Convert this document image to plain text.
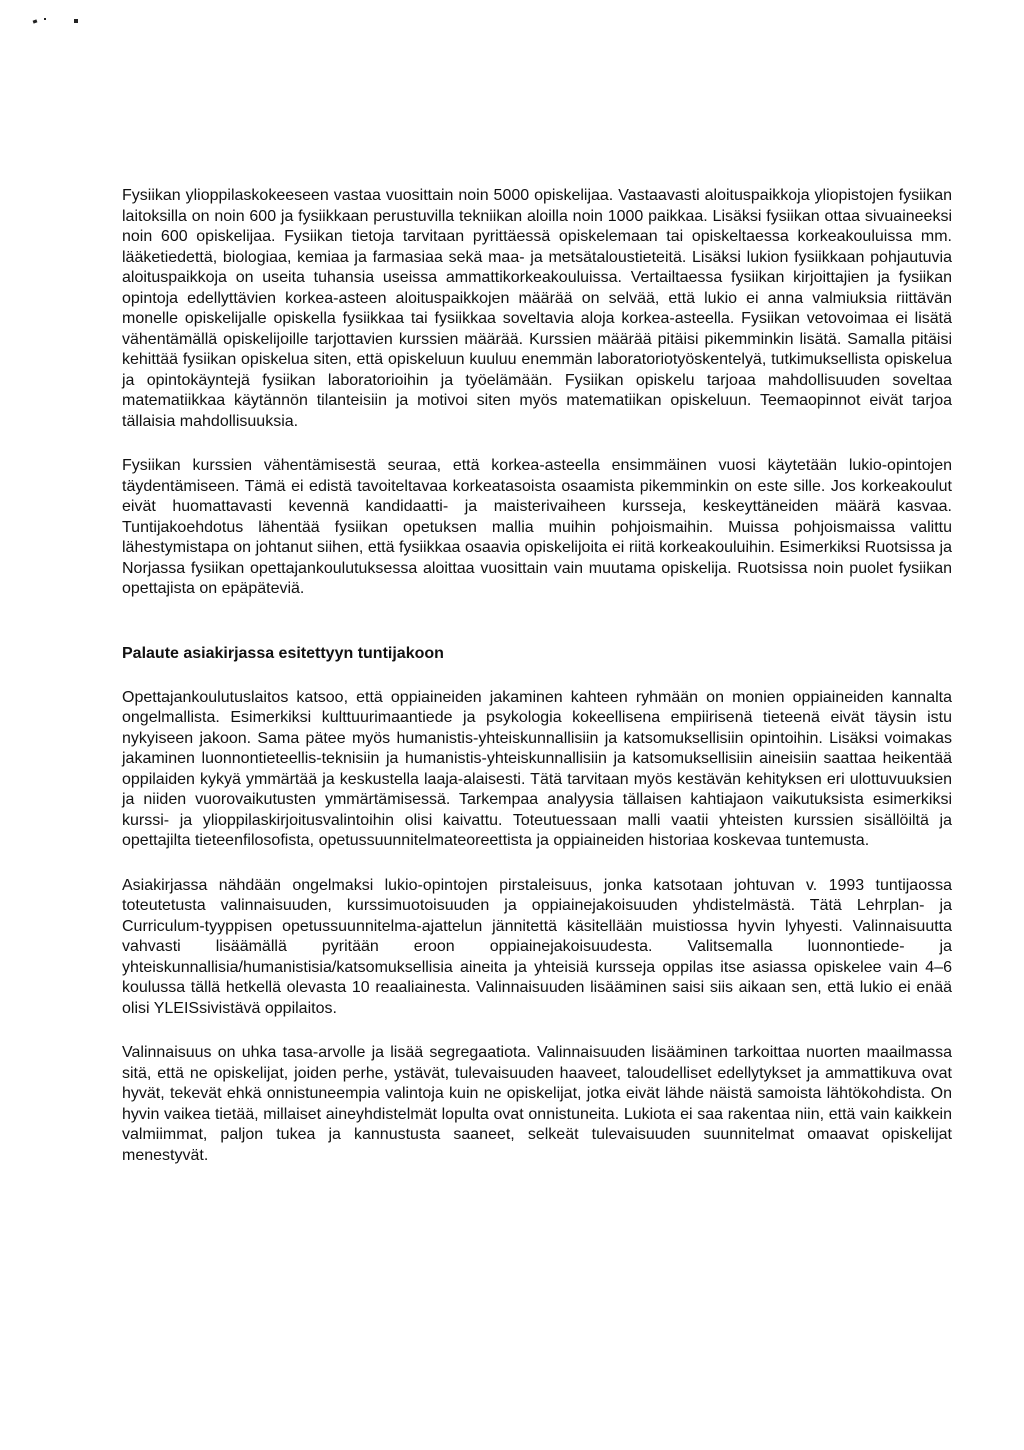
Fysiikan ylioppilaskokeeseen vastaa vuosittain noin 5000 opiskelijaa. Vastaavasti aloituspaikkoja yliopistojen fysiikan laitoksilla on noin 600 ja fysiikkaan perustuvilla tekniikan aloilla noin 1000 paikkaa. Lisäksi fysiikan ottaa sivuaineeksi noin 600 opiskelijaa. Fysiikan tietoja tarvitaan pyrittäessä opiskelemaan tai opiskeltaessa korkeakouluissa mm. lääketiedettä, biologiaa, kemiaa ja farmasiaa sekä maa- ja metsätaloustieteitä. Lisäksi lukion fysiikkaan pohjautuvia aloituspaikkoja on useita tuhansia useissa ammattikorkeakouluissa. Vertailtaessa fysiikan kirjoittajien ja fysiikan opintoja edellyttävien korkea-asteen aloituspaikkojen määrää on selvää, että lukio ei anna valmiuksia riittävän monelle opiskelijalle opiskella fysiikkaa tai fysiikkaa soveltavia aloja korkea-asteella. Fysiikan vetovoimaa ei lisätä vähentämällä opiskelijoille tarjottavien kurssien määrää. Kurssien määrää pitäisi pikemminkin lisätä. Samalla pitäisi kehittää fysiikan opiskelua siten, että opiskeluun kuuluu enemmän laboratoriotyöskentelyä, tutkimuksellista opiskelua ja opintokäyntejä fysiikan laboratorioihin ja työelämään. Fysiikan opiskelu tarjoaa mahdollisuuden soveltaa matematiikkaa käytännön tilanteisiin ja motivoi siten myös matematiikan opiskeluun. Teemaopinnot eivät tarjoa tällaisia mahdollisuuksia.

Fysiikan kurssien vähentämisestä seuraa, että korkea-asteella ensimmäinen vuosi käytetään lukio-opintojen täydentämiseen. Tämä ei edistä tavoiteltavaa korkeatasoista osaamista pikemminkin on este sille. Jos korkeakoulut eivät huomattavasti kevennä kandidaatti- ja maisterivaiheen kursseja, keskeyttäneiden määrä kasvaa. Tuntijakoehdotus lähentää fysiikan opetuksen mallia muihin pohjoismaihin. Muissa pohjoismaissa valittu lähestymistapa on johtanut siihen, että fysiikkaa osaavia opiskelijoita ei riitä korkeakouluihin. Esimerkiksi Ruotsissa ja Norjassa fysiikan opettajankoulutuksessa aloittaa vuosittain vain muutama opiskelija. Ruotsissa noin puolet fysiikan opettajista on epäpäteviä.

Palaute asiakirjassa esitettyyn tuntijakoon

Opettajankoulutuslaitos katsoo, että oppiaineiden jakaminen kahteen ryhmään on monien oppiaineiden kannalta ongelmallista. Esimerkiksi kulttuurimaantiede ja psykologia kokeellisena empiirisenä tieteenä eivät täysin istu nykyiseen jakoon. Sama pätee myös humanistis-yhteiskunnallisiin ja katsomuksellisiin opintoihin. Lisäksi voimakas jakaminen luonnontieteellis-teknisiin ja humanistis-yhteiskunnallisiin ja katsomuksellisiin aineisiin saattaa heikentää oppilaiden kykyä ymmärtää ja keskustella laaja-alaisesti. Tätä tarvitaan myös kestävän kehityksen eri ulottuvuuksien ja niiden vuorovaikutusten ymmärtämisessä. Tarkempaa analyysia tällaisen kahtiajaon vaikutuksista esimerkiksi kurssi- ja ylioppilaskirjoitusvalintoihin olisi kaivattu. Toteutuessaan malli vaatii yhteisten kurssien sisällöiltä ja opettajilta tieteenfilosofista, opetussuunnitelmateoreettista ja oppiaineiden historiaa koskevaa tuntemusta.

Asiakirjassa nähdään ongelmaksi lukio-opintojen pirstaleisuus, jonka katsotaan johtuvan v. 1993 tuntijaossa toteutetusta valinnaisuuden, kurssimuotoisuuden ja oppiainejakoisuuden yhdistelmästä. Tätä Lehrplan- ja Curriculum-tyyppisen opetussuunnitelma-ajattelun jännitettä käsitellään muistiossa hyvin lyhyesti. Valinnaisuutta vahvasti lisäämällä pyritään eroon oppiainejakoisuudesta. Valitsemalla luonnontiede- ja yhteiskunnallisia/humanistisia/katsomuksellisia aineita ja yhteisiä kursseja oppilas itse asiassa opiskelee vain 4–6 koulussa tällä hetkellä olevasta 10 reaaliainesta. Valinnaisuuden lisääminen saisi siis aikaan sen, että lukio ei enää olisi YLEISsivistävä oppilaitos.

Valinnaisuus on uhka tasa-arvolle ja lisää segregaatiota. Valinnaisuuden lisääminen tarkoittaa nuorten maailmassa sitä, että ne opiskelijat, joiden perhe, ystävät, tulevaisuuden haaveet, taloudelliset edellytykset ja ammattikuva ovat hyvät, tekevät ehkä onnistuneempia valintoja kuin ne opiskelijat, jotka eivät lähde näistä samoista lähtökohdista. On hyvin vaikea tietää, millaiset aineyhdistelmät lopulta ovat onnistuneita. Lukiota ei saa rakentaa niin, että vain kaikkein valmiimmat, paljon tukea ja kannustusta saaneet, selkeät tulevaisuuden suunnitelmat omaavat opiskelijat menestyvät.
